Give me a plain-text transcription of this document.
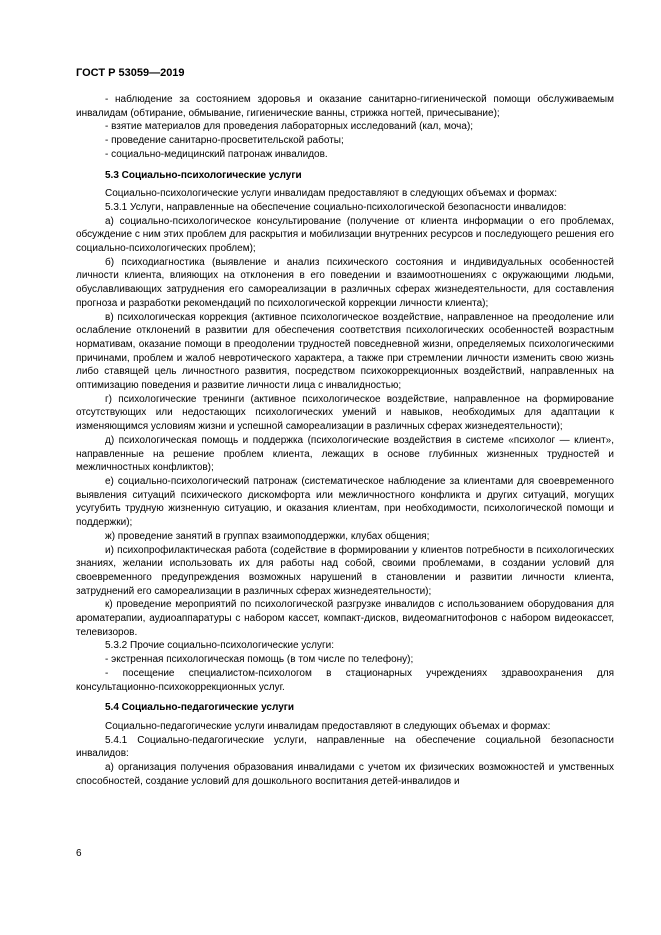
ГОСТ Р 53059—2019

- наблюдение за состоянием здоровья и оказание санитарно-гигиенической помощи обслуживаемым инвалидам (обтирание, обмывание, гигиенические ванны, стрижка ногтей, причесывание);

- взятие материалов для проведения лабораторных исследований (кал, моча);

- проведение санитарно-просветительской работы;

- социально-медицинский патронаж инвалидов.

5.3 Социально-психологические услуги

Социально-психологические услуги инвалидам предоставляют в следующих объемах и формах:

5.3.1 Услуги, направленные на обеспечение социально-психологической безопасности инвалидов:

а) социально-психологическое консультирование (получение от клиента информации о его проблемах, обсуждение с ним этих проблем для раскрытия и мобилизации внутренних ресурсов и последующего решения его социально-психологических проблем);

б) психодиагностика (выявление и анализ психического состояния и индивидуальных особенностей личности клиента, влияющих на отклонения в его поведении и взаимоотношениях с окружающими людьми, обуславливающих затруднения его самореализации в различных сферах жизнедеятельности, для составления прогноза и разработки рекомендаций по психологической коррекции личности клиента);

в) психологическая коррекция (активное психологическое воздействие, направленное на преодоление или ослабление отклонений в развитии для обеспечения соответствия психологических особенностей возрастным нормативам, оказание помощи в преодолении трудностей повседневной жизни, определяемых психологическими причинами, проблем и жалоб невротического характера, а также при стремлении личности изменить свою жизнь либо ставящей цель личностного развития, посредством психокоррекционных воздействий, направленных на оптимизацию поведения и развитие личности лица с инвалидностью;

г) психологические тренинги (активное психологическое воздействие, направленное на формирование отсутствующих или недостающих психологических умений и навыков, необходимых для адаптации к изменяющимся условиям жизни и успешной самореализации в различных сферах жизнедеятельности);

д) психологическая помощь и поддержка (психологические воздействия в системе «психолог — клиент», направленные на решение проблем клиента, лежащих в основе глубинных жизненных трудностей и межличностных конфликтов);

е) социально-психологический патронаж (систематическое наблюдение за клиентами для своевременного выявления ситуаций психического дискомфорта или межличностного конфликта и других ситуаций, могущих усугубить трудную жизненную ситуацию, и оказания клиентам, при необходимости, психологической помощи и поддержки);

ж) проведение занятий в группах взаимоподдержки, клубах общения;

и) психопрофилактическая работа (содействие в формировании у клиентов потребности в психологических знаниях, желании использовать их для работы над собой, своими проблемами, в создании условий для своевременного предупреждения возможных нарушений в становлении и развитии личности клиента, затруднений его самореализации в различных сферах жизнедеятельности);

к) проведение мероприятий по психологической разгрузке инвалидов с использованием оборудования для ароматерапии, аудиоаппаратуры с набором кассет, компакт-дисков, видеомагнитофонов с набором видеокассет, телевизоров.

5.3.2 Прочие социально-психологические услуги:

- экстренная психологическая помощь (в том числе по телефону);

- посещение специалистом-психологом в стационарных учреждениях здравоохранения для консультационно-психокоррекционных услуг.

5.4 Социально-педагогические услуги

Социально-педагогические услуги инвалидам предоставляют в следующих объемах и формах:

5.4.1 Социально-педагогические услуги, направленные на обеспечение социальной безопасности инвалидов:

а) организация получения образования инвалидами с учетом их физических возможностей и умственных способностей, создание условий для дошкольного воспитания детей-инвалидов и

6
